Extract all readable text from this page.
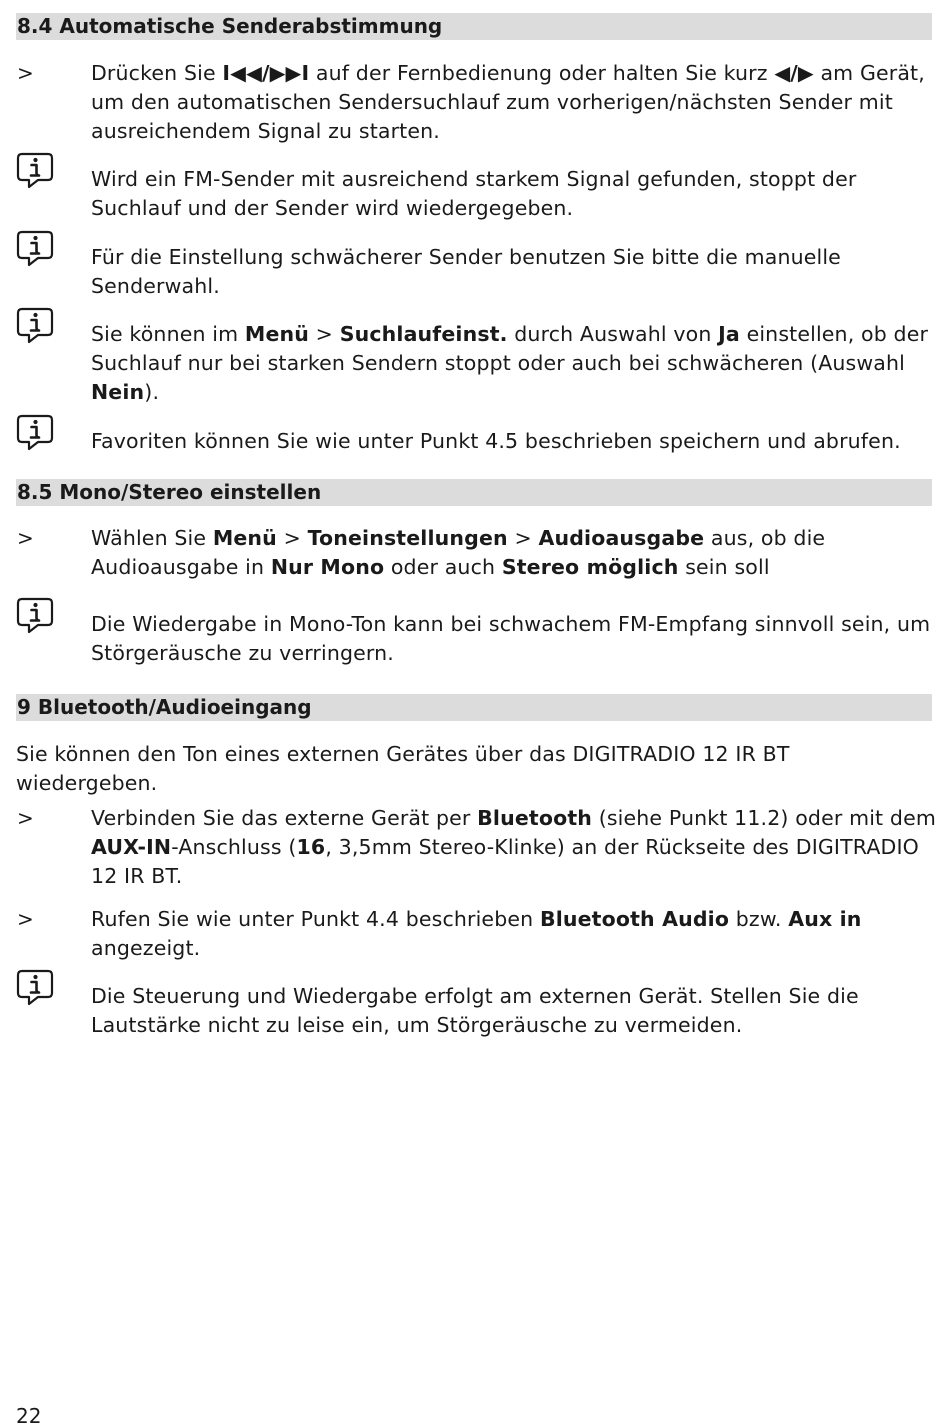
8.4 Automatische Senderabstimmung
>	Drücken Sie I◀◀/▶▶I auf der Fernbedienung oder halten Sie kurz ◀/▶ am Gerät, um den automatischen Sendersuchlauf zum vorherigen/nächsten Sender mit ausreichendem Signal zu starten.
Wird ein FM-Sender mit ausreichend starkem Signal gefunden, stoppt der Suchlauf und der Sender wird wiedergegeben.
Für die Einstellung schwächerer Sender benutzen Sie bitte die manuelle Senderwahl.
Sie können im Menü > Suchlaufeinst. durch Auswahl von Ja einstellen, ob der Suchlauf nur bei starken Sendern stoppt oder auch bei schwächeren (Auswahl Nein).
Favoriten können Sie wie unter Punkt 4.5 beschrieben speichern und abrufen.
8.5 Mono/Stereo einstellen
>	Wählen Sie Menü > Toneinstellungen > Audioausgabe aus, ob die Audioausgabe in Nur Mono oder auch Stereo möglich sein soll
Die Wiedergabe in Mono-Ton kann bei schwachem FM-Empfang sinnvoll sein, um Störgeräusche zu verringern.
9 Bluetooth/Audioeingang
Sie können den Ton eines externen Gerätes über das DIGITRADIO 12 IR BT wiedergeben.
>	Verbinden Sie das externe Gerät per Bluetooth (siehe Punkt 11.2) oder mit dem AUX-IN-Anschluss (16, 3,5mm Stereo-Klinke) an der Rückseite des DIGITRADIO 12 IR BT.
>	Rufen Sie wie unter Punkt 4.4 beschrieben Bluetooth Audio bzw. Aux in angezeigt.
Die Steuerung und Wiedergabe erfolgt am externen Gerät. Stellen Sie die Lautstärke nicht zu leise ein, um Störgeräusche zu vermeiden.
22
